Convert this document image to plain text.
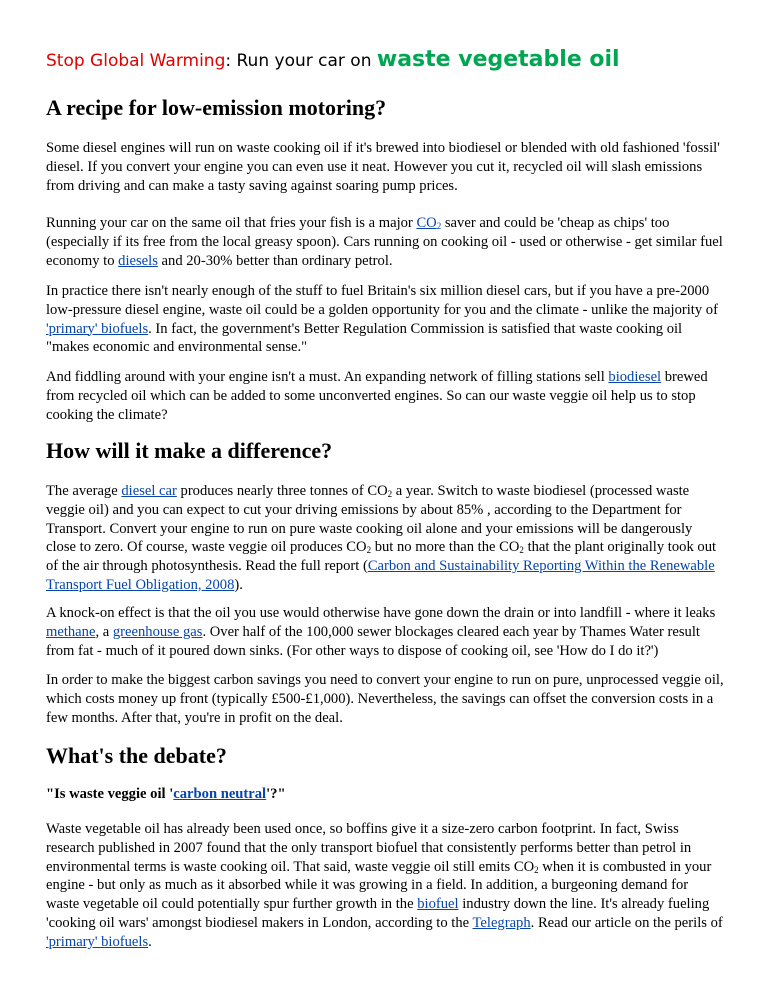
Stop Global Warming: Run your car on waste vegetable oil
A recipe for low-emission motoring?

Some diesel engines will run on waste cooking oil if it's brewed into biodiesel or blended with old fashioned 'fossil' diesel. If you convert your engine you can even use it neat. However you cut it, recycled oil will slash emissions from driving and can make a tasty saving against soaring pump prices.

Running your car on the same oil that fries your fish is a major $CO_2$ saver and could be 'cheap as chips' too (especially if its free from the local greasy spoon). Cars running on cooking oil - used or otherwise - get similar fuel economy to diesels and 20-30% better than ordinary petrol.

In practice there isn't nearly enough of the stuff to fuel Britain's six million diesel cars, but if you have a pre-2000 low-pressure diesel engine, waste oil could be a golden opportunity for you and the climate - unlike the majority of 'primary' biofuels. In fact, the government's Better Regulation Commission is satisfied that waste cooking oil "makes economic and environmental sense."

And fiddling around with your engine isn't a must. An expanding network of filling stations sell biodiesel brewed from recycled oil which can be added to some unconverted engines. So can our waste veggie oil help us to stop cooking the climate?

How will it make a difference?

The average diesel car produces nearly three tonnes of $CO_2$ a year. Switch to waste biodiesel (processed waste veggie oil) and you can expect to cut your driving emissions by about 85% , according to the Department for Transport. Convert your engine to run on pure waste cooking oil alone and your emissions will be dangerously close to zero. Of course, waste veggie oil produces $CO_2$ but no more than the $CO_2$ that the plant originally took out of the air through photosynthesis. Read the full report (Carbon and Sustainability Reporting Within the Renewable Transport Fuel Obligation, 2008).

A knock-on effect is that the oil you use would otherwise have gone down the drain or into landfill - where it leaks methane, a greenhouse gas. Over half of the 100,000 sewer blockages cleared each year by Thames Water result from fat - much of it poured down sinks. (For other ways to dispose of cooking oil, see 'How do I do it?')

In order to make the biggest carbon savings you need to convert your engine to run on pure, unprocessed veggie oil, which costs money up front (typically £500-£1,000). Nevertheless, the savings can offset the conversion costs in a few months. After that, you're in profit on the deal.

What's the debate?

"Is waste veggie oil 'carbon neutral'?"

Waste vegetable oil has already been used once, so boffins give it a size-zero carbon footprint. In fact, Swiss research published in 2007 found that the only transport biofuel that consistently performs better than petrol in environmental terms is waste cooking oil. That said, waste veggie oil still emits $CO_2$ when it is combusted in your engine - but only as much as it absorbed while it was growing in a field. In addition, a burgeoning demand for waste vegetable oil could potentially spur further growth in the biofuel industry down the line. It's already fueling 'cooking oil wars' amongst biodiesel makers in London, according to the Telegraph. Read our article on the perils of 'primary' biofuels.
